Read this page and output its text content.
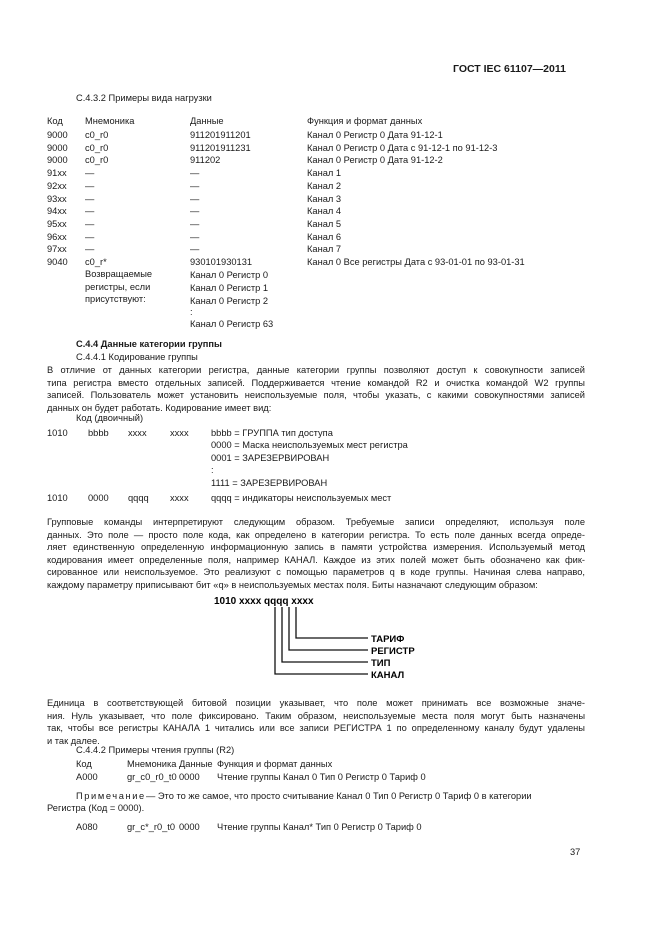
ГОСТ IEC 61107—2011
С.4.3.2 Примеры вида нагрузки
Код Мнемоника	Данные	Функция и формат данных
9000 c0_r0	911201911201	Канал 0 Регистр 0 Дата 91-12-1
9000 c0_r0	911201911231	Канал 0 Регистр 0 Дата с 91-12-1 по 91-12-3
9000 c0_r0	911202	Канал 0 Регистр 0 Дата 91-12-2
91xx —	—	Канал 1
92xx —	—	Канал 2
93xx —	—	Канал 3
94xx —	—	Канал 4
95xx —	—	Канал 5
96xx —	—	Канал 6
97xx —	—	Канал 7
9040 c0_r*	930101930131	Канал 0 Все регистры Дата с 93-01-01 по 93-01-31
Возвращаемые
регистры, если
присутствуют:
Канал 0 Регистр 0
Канал 0 Регистр 1
Канал 0 Регистр 2
:
Канал 0 Регистр 63
С.4.4 Данные категории группы
С.4.4.1 Кодирование группы
В отличие от данных категории регистра, данные категории группы позволяют доступ к совокупности записей
типа регистра вместо отдельных записей. Поддерживается чтение командой R2 и очистка командой W2 группы
записей. Пользователь может установить неиспользуемые поля, чтобы указать, с какими совокупностями записей
данных он будет работать. Кодирование имеет вид:
Код (двоичный)
1010 bbbb xxxx	xxxx bbbb = ГРУППА тип доступа
0000 = Маска неиспользуемых мест регистра
0001 = ЗАРЕЗЕРВИРОВАН
:
1111 = ЗАРЕЗЕРВИРОВАН
1010 0000 qqqq xxxx qqqq = индикаторы неиспользуемых мест
Групповые команды интерпретируют следующим образом. Требуемые записи определяют, используя поле
данных. Это поле — просто поле кода, как определено в категории регистра. То есть поле данных всегда опреде-
ляет единственную определенную информационную запись в памяти устройства измерения. Используемый метод
кодирования имеет определенные поля, например КАНАЛ. Каждое из этих полей может быть обозначено как фик-
сированное или неиспользуемое. Это реализуют с помощью параметров q в коде группы. Начиная слева направо,
каждому параметру приписывают бит «q» в неиспользуемых местах поля. Биты назначают следующим образом:
1010 xxxx qqqq xxxx
ТАРИФ
РЕГИСТР
ТИП
КАНАЛ
Единица в соответствующей битовой позиции указывает, что поле может принимать все возможные значе-
ния. Нуль указывает, что поле фиксировано. Таким образом, неиспользуемые места поля могут быть назначены
так, чтобы все регистры КАНАЛА 1 читались или все записи РЕГИСТРА 1 по определенному каналу будут удалены
и так далее.
С.4.4.2 Примеры чтения группы (R2)
Код	Мнемоника Данные Функция и формат данных
A000	gr_c0_r0_t0 0000 Чтение группы Канал 0 Тип 0 Регистр 0 Тариф 0
Примечание — Это то же самое, что просто считывание Канал 0 Тип 0 Регистр 0 Тариф 0 в категории
Регистра (Код = 0000).
A080	gr_c*_r0_t0 0000 Чтение группы Канал* Тип 0 Регистр 0 Тариф 0
37
